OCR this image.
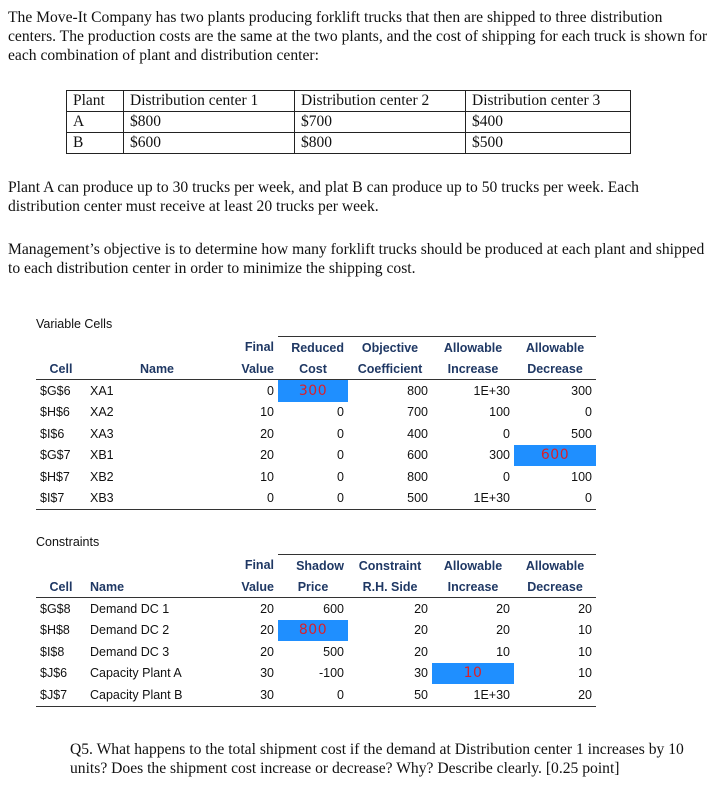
The Move-It Company has two plants producing forklift trucks that then are shipped to three distribution centers. The production costs are the same at the two plants, and the cost of shipping for each truck is shown for each combination of plant and distribution center:
Plant	Distribution center 1	Distribution center 2	Distribution center 3
A	$800	$700	$400
B	$600	$800	$500
Plant A can produce up to 30 trucks per week, and plat B can produce up to 50 trucks per week. Each distribution center must receive at least 20 trucks per week.
Management’s objective is to determine how many forklift trucks should be produced at each plant and shipped to each distribution center in order to minimize the shipping cost.
Variable Cells
		Final	Reduced	Objective	Allowable	Allowable
Cell	Name	Value	Cost	Coefficient	Increase	Decrease
$G$6	XA1	0	300	800	1E+30	300
$H$6	XA2	10	0	700	100	0
$I$6	XA3	20	0	400	0	500
$G$7	XB1	20	0	600	300	600
$H$7	XB2	10	0	800	0	100
$I$7	XB3	0	0	500	1E+30	0
Constraints
		Final	Shadow	Constraint	Allowable	Allowable
Cell	Name	Value	Price	R.H. Side	Increase	Decrease
$G$8	Demand DC 1	20	600	20	20	20
$H$8	Demand DC 2	20	800	20	20	10
$I$8	Demand DC 3	20	500	20	10	10
$J$6	Capacity Plant A	30	-100	30	10	10
$J$7	Capacity Plant B	30	0	50	1E+30	20
Q5. What happens to the total shipment cost if the demand at Distribution center 1 increases by 10 units? Does the shipment cost increase or decrease? Why? Describe clearly. [0.25 point]
